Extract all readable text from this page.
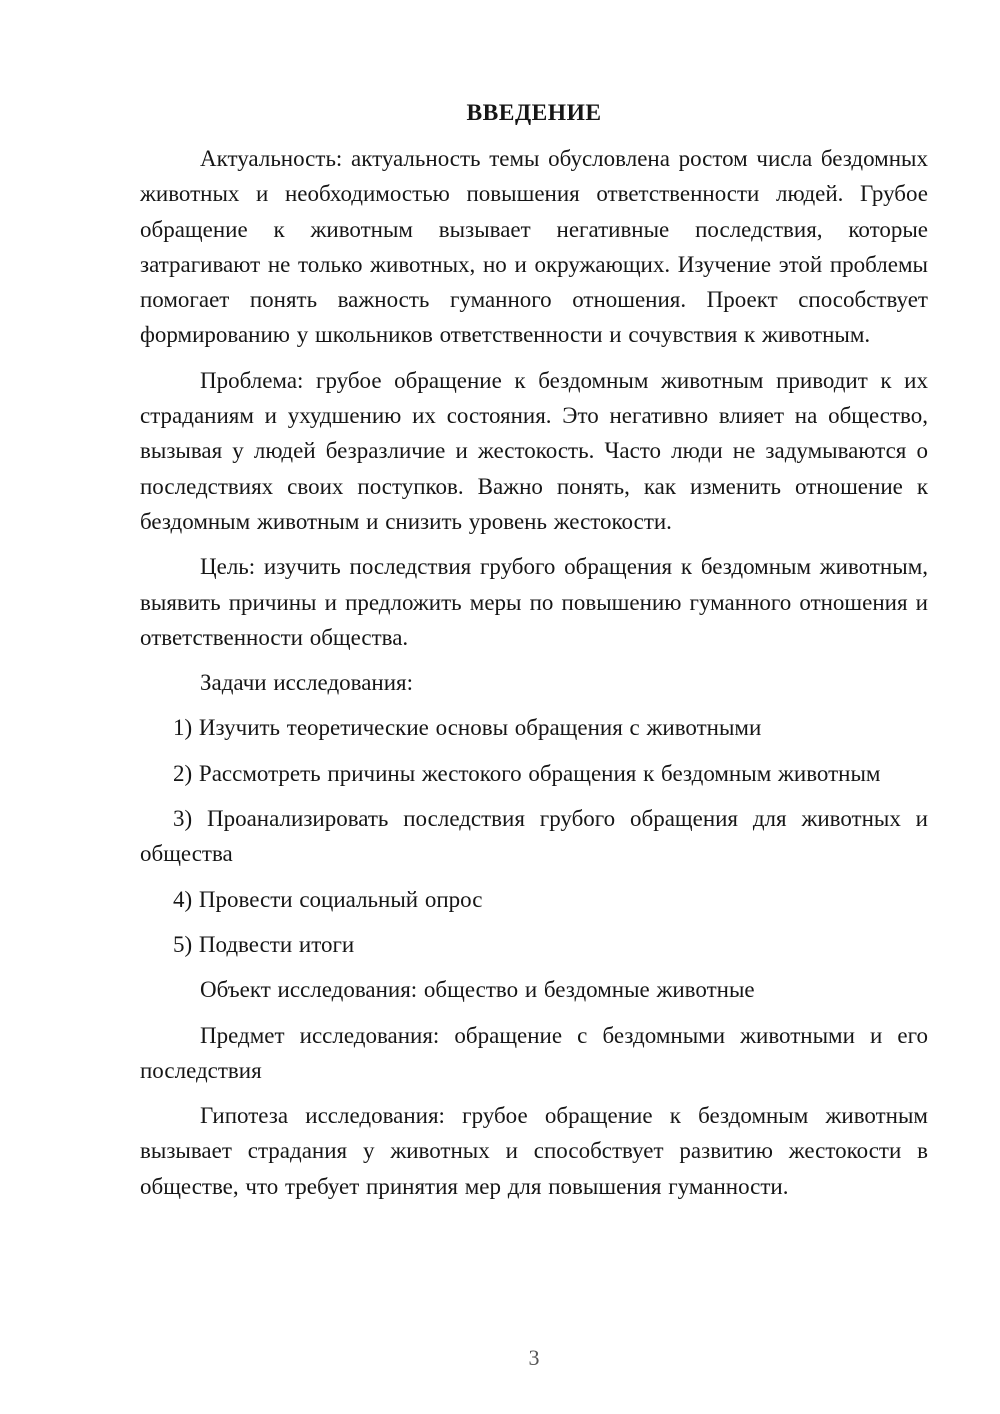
ВВЕДЕНИЕ

Актуальность: актуальность темы обусловлена ростом числа бездомных животных и необходимостью повышения ответственности людей. Грубое обращение к животным вызывает негативные последствия, которые затрагивают не только животных, но и окружающих. Изучение этой проблемы помогает понять важность гуманного отношения. Проект способствует формированию у школьников ответственности и сочувствия к животным.

Проблема: грубое обращение к бездомным животным приводит к их страданиям и ухудшению их состояния. Это негативно влияет на общество, вызывая у людей безразличие и жестокость. Часто люди не задумываются о последствиях своих поступков. Важно понять, как изменить отношение к бездомным животным и снизить уровень жестокости.

Цель: изучить последствия грубого обращения к бездомным животным, выявить причины и предложить меры по повышению гуманного отношения и ответственности общества.

Задачи исследования:

1) Изучить теоретические основы обращения с животными

2) Рассмотреть причины жестокого обращения к бездомным животным

3) Проанализировать последствия грубого обращения для животных и общества

4) Провести социальный опрос

5) Подвести итоги

Объект исследования: общество и бездомные животные

Предмет исследования: обращение с бездомными животными и его последствия

Гипотеза исследования: грубое обращение к бездомным животным вызывает страдания у животных и способствует развитию жестокости в обществе, что требует принятия мер для повышения гуманности.

3
